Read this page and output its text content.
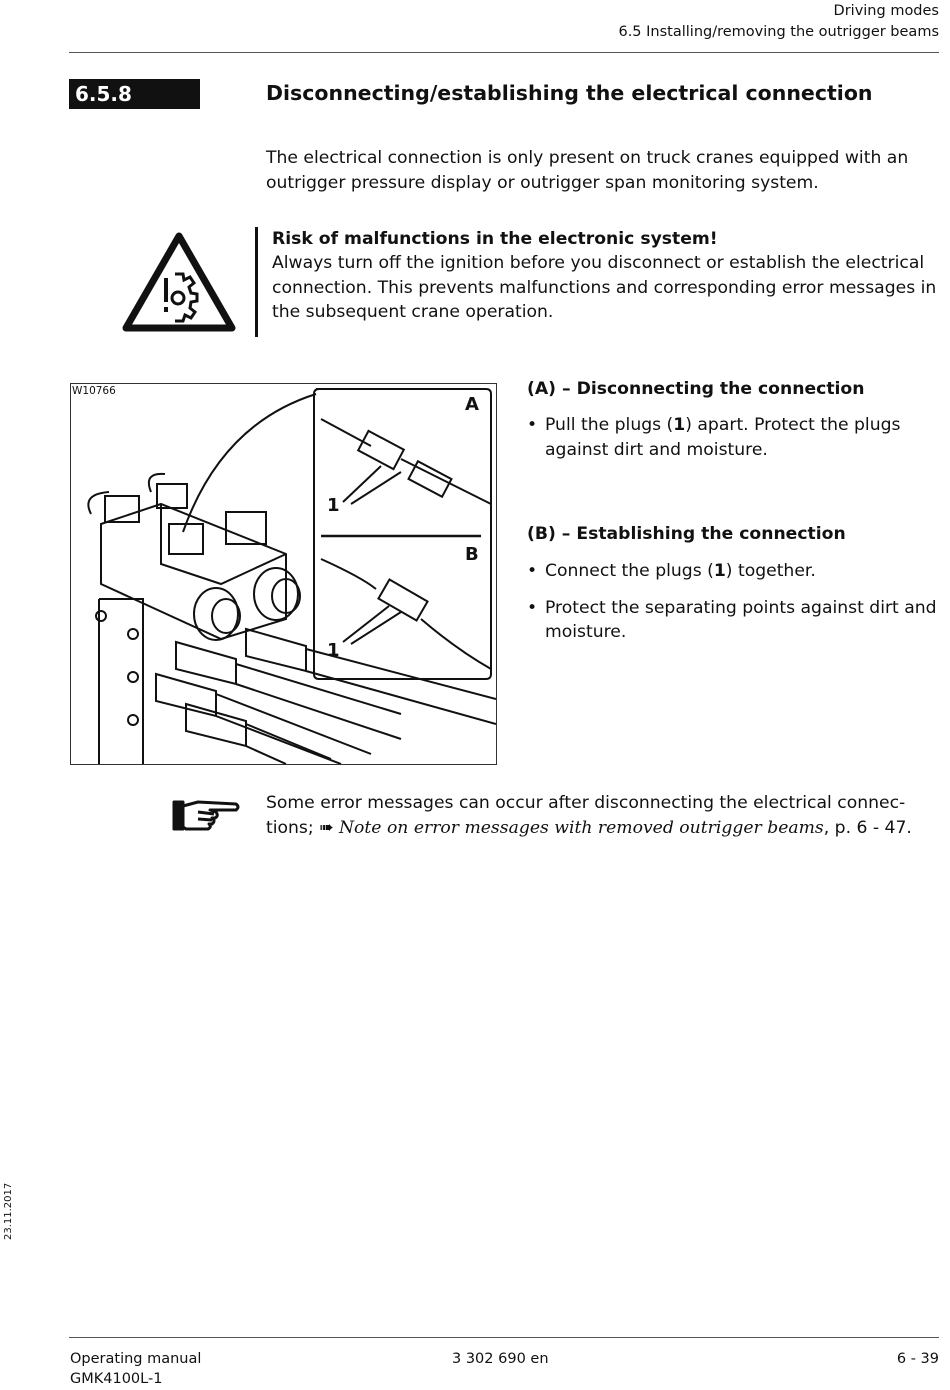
Driving modes
6.5 Installing/removing the outrigger beams
6.5.8	Disconnecting/establishing the electrical connection
The electrical connection is only present on truck cranes equipped with an outrigger pressure display or outrigger span monitoring system.
Risk of malfunctions in the electronic system!
Always turn off the ignition before you disconnect or establish the electrical connection. This prevents malfunctions and corresponding error messages in the subsequent crane operation.
W10766
A
B
1
1
(A) – Disconnecting the connection
• Pull the plugs (1) apart. Protect the plugs against dirt and moisture.
(B) – Establishing the connection
• Connect the plugs (1) together.
• Protect the separating points against dirt and moisture.
Some error messages can occur after disconnecting the electrical connec-tions; ➠ Note on error messages with removed outrigger beams, p. 6 - 47.
Operating manual
GMK4100L-1
3 302 690 en	6 - 39
23.11.2017
